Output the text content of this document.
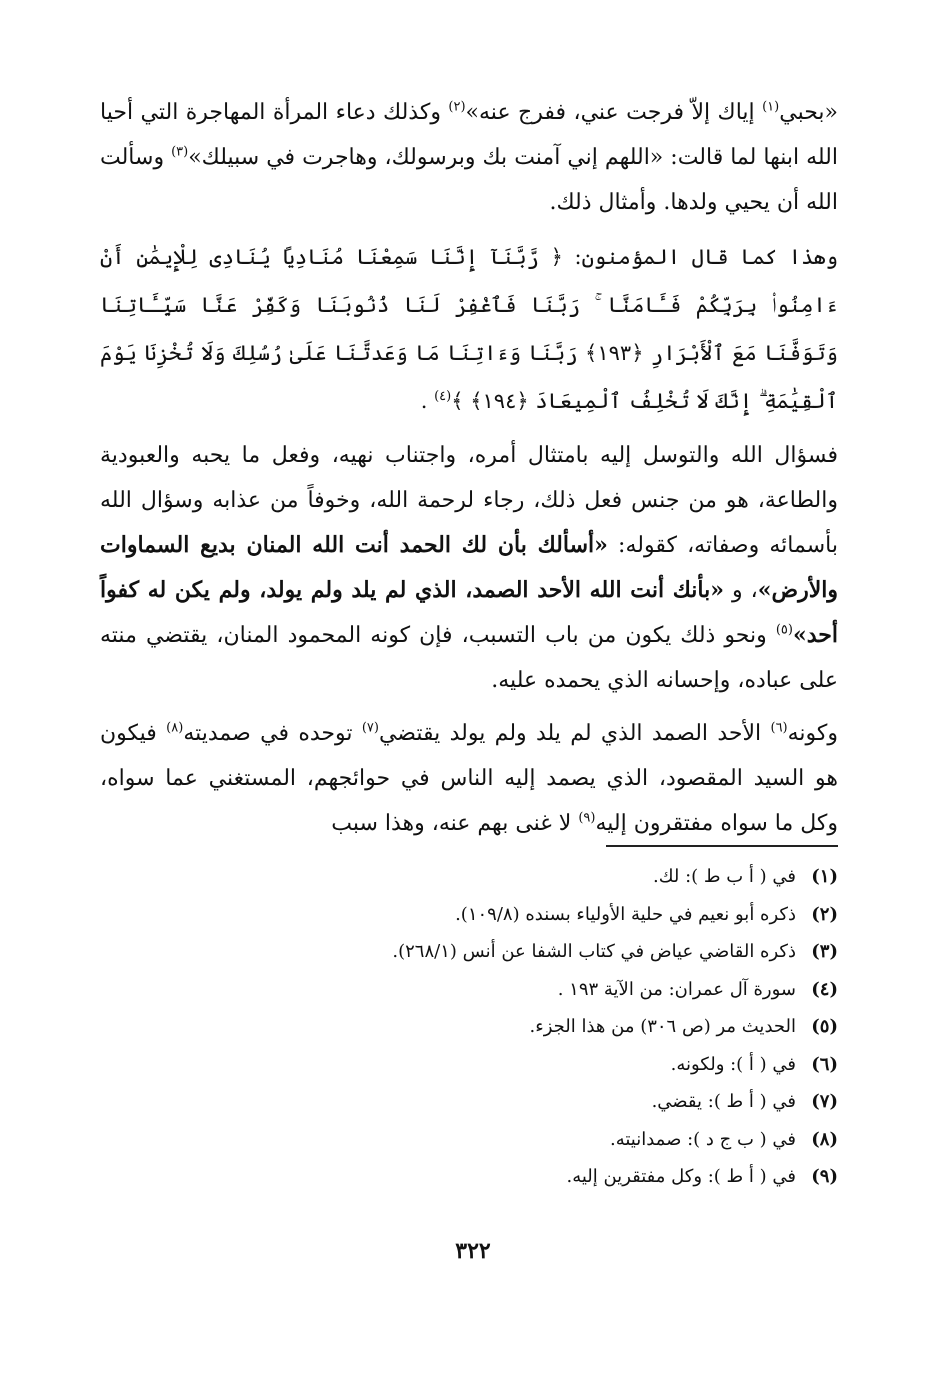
«بحبي$^{(١)}$ إياك إلاّ فرجت عني، ففرج عنه»$^{(٢)}$ وكذلك دعاء المرأة المهاجرة التي أحيا الله ابنها لما قالت: «اللهم إني آمنت بك وبرسولك، وهاجرت في سبيلك»$^{(٣)}$ وسألت الله أن يحيي ولدها. وأمثال ذلك.

وهذا كما قال المؤمنون: ﴿ رَّبَّنَآ إِنَّنَا سَمِعْنَا مُنَادِيًا يُنَادِى لِلْإِيمَٰنِ أَنْ ءَامِنُوا۟ بِرَبِّكُمْ فَـَٔامَنَّا ۚ رَبَّنَا فَٱغْفِرْ لَنَا ذُنُوبَنَا وَكَفِّرْ عَنَّا سَيِّـَٔاتِنَا وَتَوَفَّنَا مَعَ ٱلْأَبْرَارِ ﴿١٩٣﴾ رَبَّنَا وَءَاتِنَا مَا وَعَدتَّنَا عَلَىٰ رُسُلِكَ وَلَا تُخْزِنَا يَوْمَ ٱلْقِيَٰمَةِ ۗ إِنَّكَ لَا تُخْلِفُ ٱلْمِيعَادَ ﴿١٩٤﴾ ﴾$^{(٤)}$ .

فسؤال الله والتوسل إليه بامتثال أمره، واجتناب نهيه، وفعل ما يحبه والعبودية والطاعة، هو من جنس فعل ذلك، رجاء لرحمة الله، وخوفاً من عذابه وسؤال الله بأسمائه وصفاته، كقوله: «أسألك بأن لك الحمد أنت الله المنان بديع السماوات والأرض»، و «بأنك أنت الله الأحد الصمد، الذي لم يلد ولم يولد، ولم يكن له كفواً أحد»$^{(٥)}$ ونحو ذلك يكون من باب التسبب، فإن كونه المحمود المنان، يقتضي منته على عباده، وإحسانه الذي يحمده عليه.

وكونه$^{(٦)}$ الأحد الصمد الذي لم يلد ولم يولد يقتضي$^{(٧)}$ توحده في صمديته$^{(٨)}$ فيكون هو السيد المقصود، الذي يصمد إليه الناس في حوائجهم، المستغني عما سواه، وكل ما سواه مفتقرون إليه$^{(٩)}$ لا غنى بهم عنه، وهذا سبب

(١)
في ( أ ب ط ): لك.
(٢)
ذكره أبو نعيم في حلية الأولياء بسنده (١٠٩/٨).
(٣)
ذكره القاضي عياض في كتاب الشفا عن أنس (٢٦٨/١).
(٤)
سورة آل عمران: من الآية ١٩٣ .
(٥)
الحديث مر (ص ٣٠٦) من هذا الجزء.
(٦)
في ( أ ): ولكونه.
(٧)
في ( أ ط ): يقضي.
(٨)
في ( ب ج د ): صمدانيته.
(٩)
في ( أ ط ): وكل مفتقرين إليه.
٣٢٢
